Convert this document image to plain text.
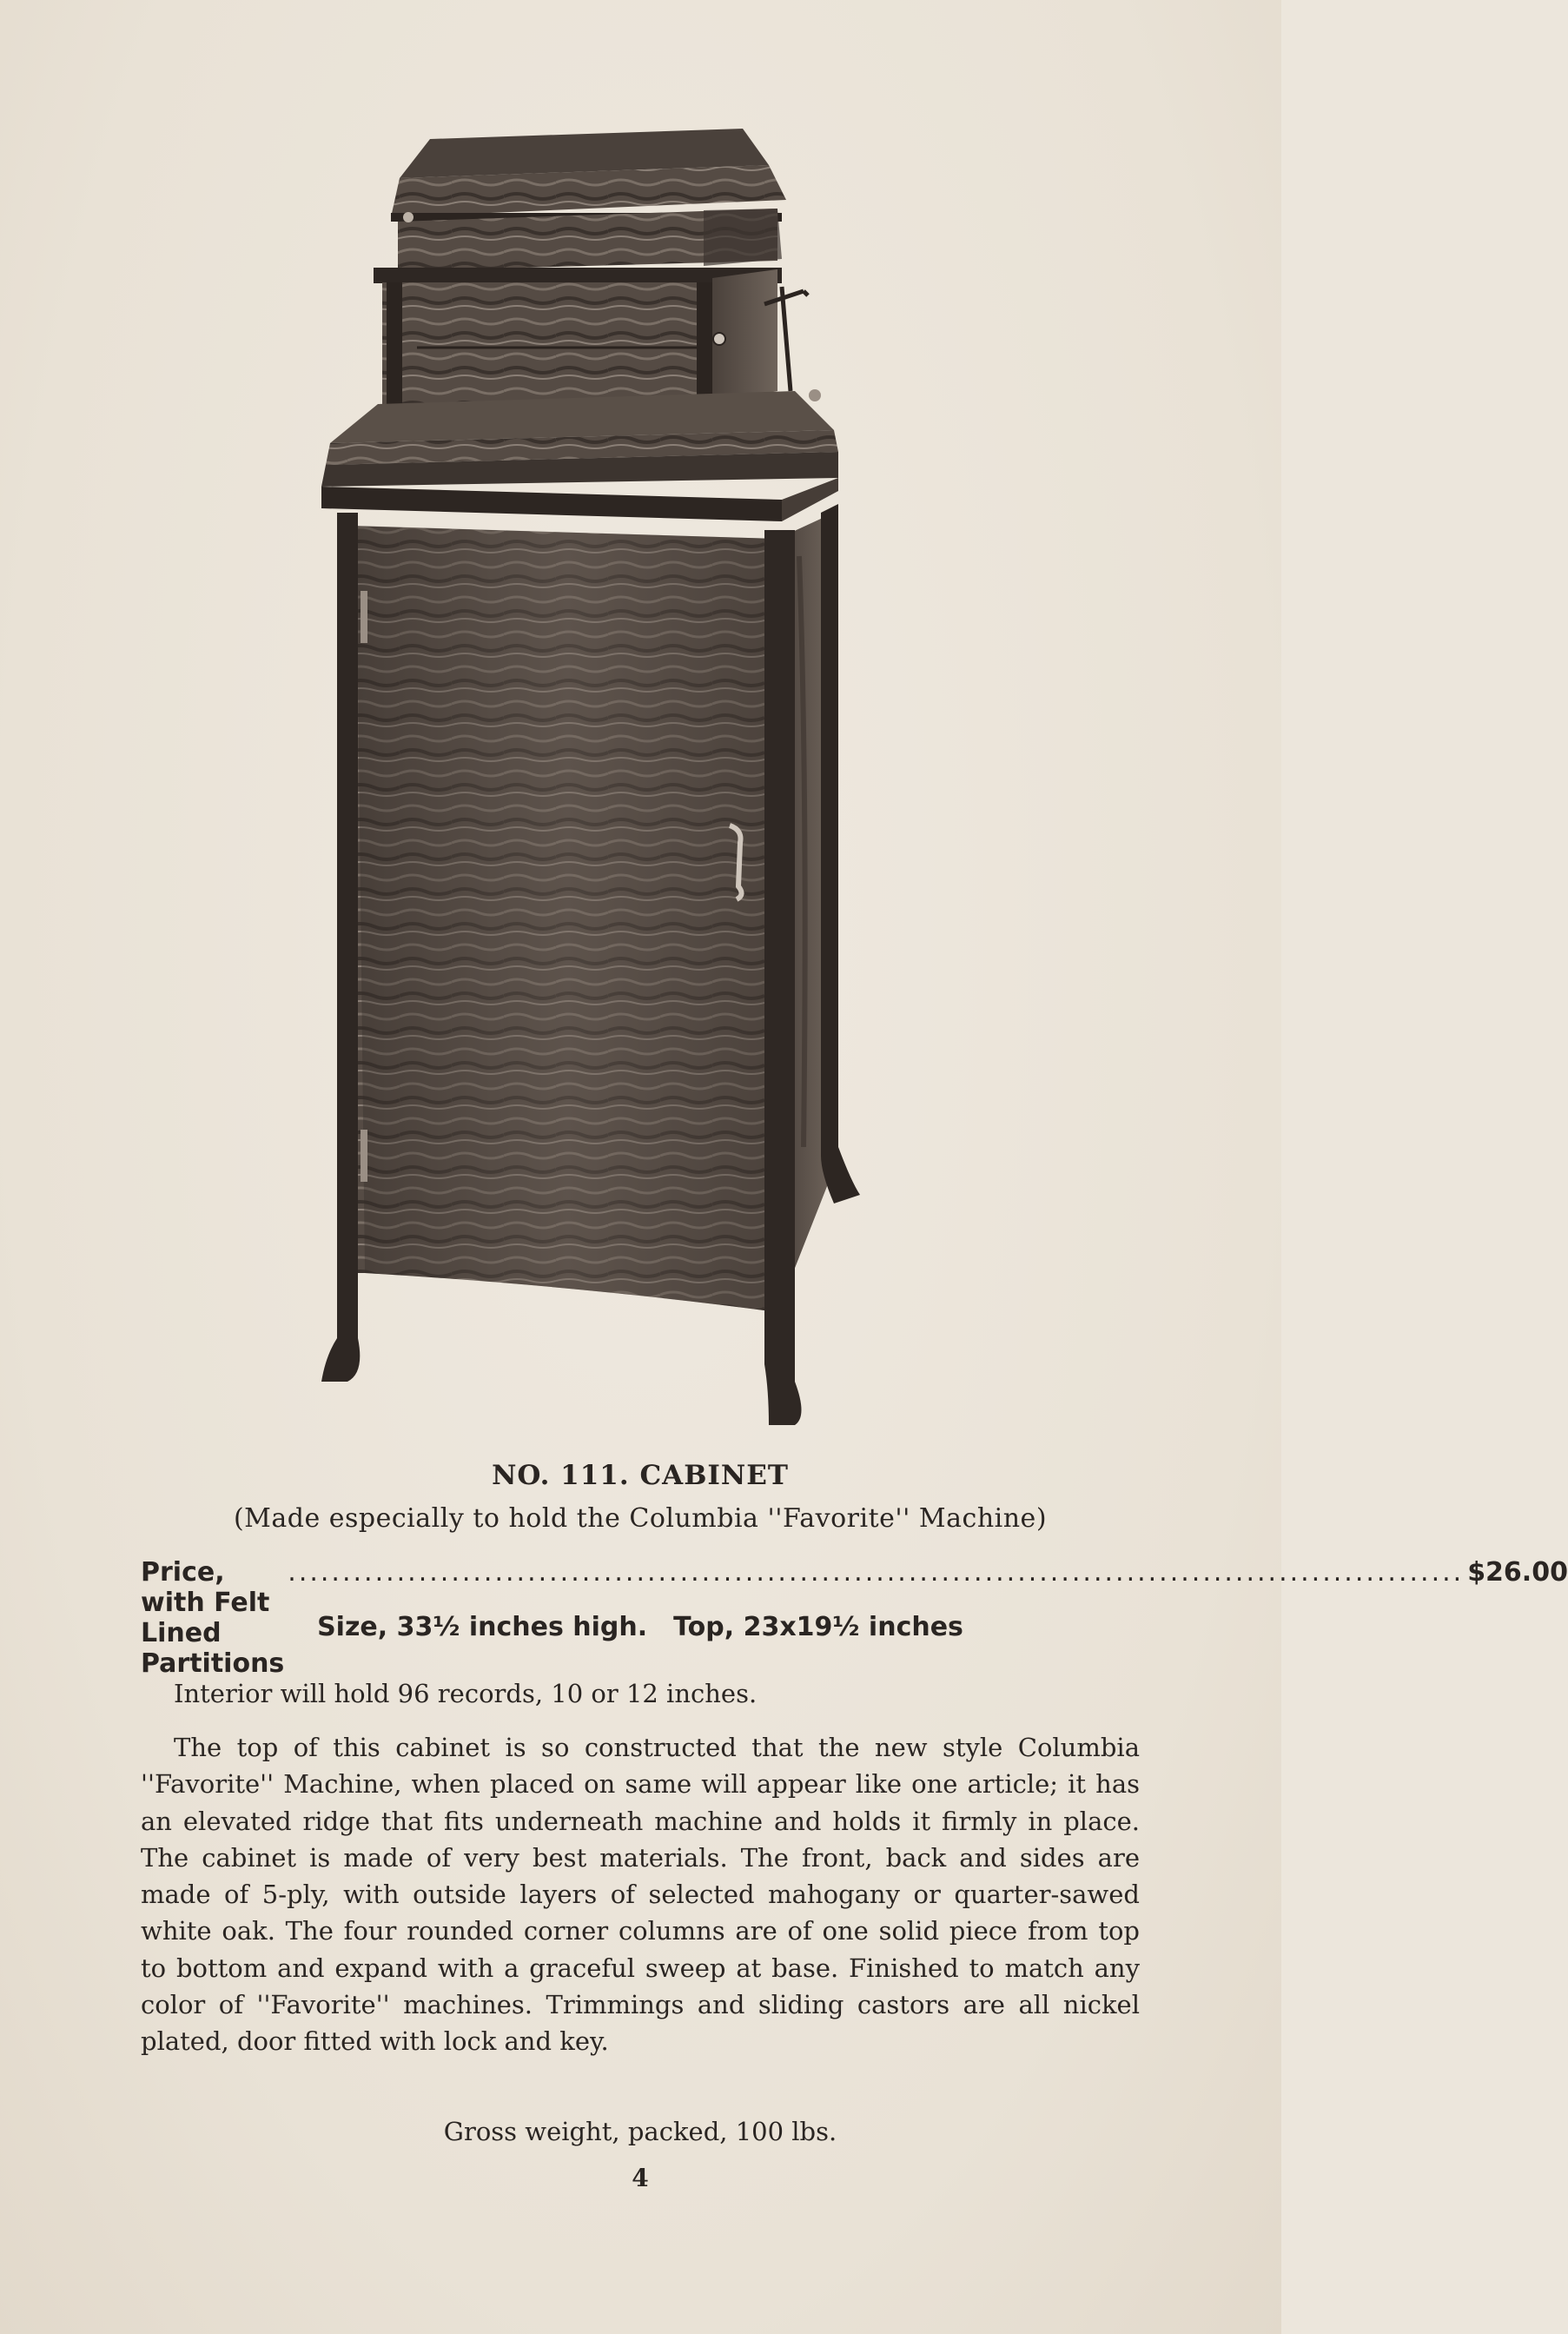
NO. 111. CABINET
(Made especially to hold the Columbia ''Favorite'' Machine)
Price, with Felt Lined Partitions
............................................................................................................ $26.00
Size, 33½ inches high. Top, 23x19½ inches
Interior will hold 96 records, 10 or 12 inches.
The top of this cabinet is so constructed that the new style Columbia ''Favorite'' Machine, when placed on same will appear like one article; it has an elevated ridge that fits underneath machine and holds it firmly in place. The cabinet is made of very best materials. The front, back and sides are made of 5-ply, with outside layers of selected mahogany or quarter-sawed white oak. The four rounded corner columns are of one solid piece from top to bottom and expand with a graceful sweep at base. Finished to match any color of ''Favorite'' machines. Trimmings and sliding castors are all nickel plated, door fitted with lock and key.
Gross weight, packed, 100 lbs.
4
